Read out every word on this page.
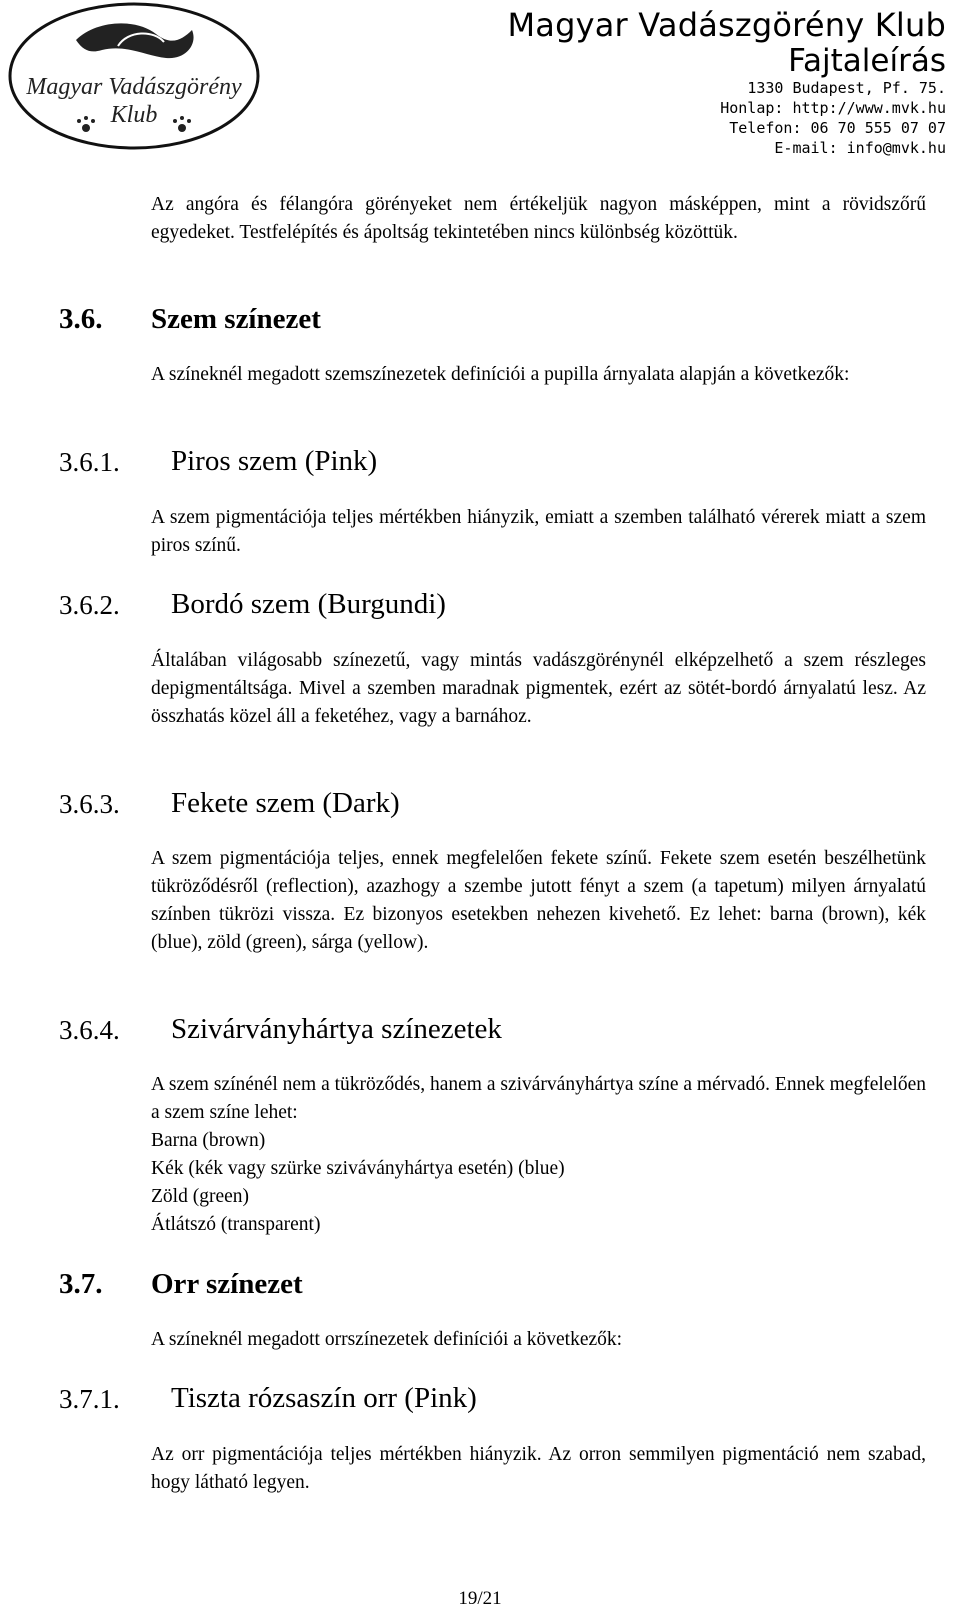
Magyar Vadászgörény
Klub
Magyar Vadászgörény Klub
Fajtaleírás
1330 Budapest, Pf. 75.
Honlap: http://www.mvk.hu
Telefon: 06 70 555 07 07
E-mail: info@mvk.hu
Az angóra és félangóra görényeket nem értékeljük nagyon másképpen, mint a rövidszőrű egyedeket. Testfelépítés és ápoltság tekintetében nincs különbség közöttük.
3.6. Szem színezet
A színeknél megadott szemszínezetek definíciói a pupilla árnyalata alapján a következők:
3.6.1. Piros szem (Pink)
A szem pigmentációja teljes mértékben hiányzik, emiatt a szemben található vérerek miatt a szem piros színű.
3.6.2. Bordó szem (Burgundi)
Általában világosabb színezetű, vagy mintás vadászgörénynél elképzelhető a szem részleges depigmentáltsága. Mivel a szemben maradnak pigmentek, ezért az sötét-bordó árnyalatú lesz. Az összhatás közel áll a feketéhez, vagy a barnához.
3.6.3. Fekete szem (Dark)
A szem pigmentációja teljes, ennek megfelelően fekete színű. Fekete szem esetén beszélhetünk tükröződésről (reflection), azazhogy a szembe jutott fényt a szem (a tapetum) milyen árnyalatú színben tükrözi vissza. Ez bizonyos esetekben nehezen kivehető. Ez lehet: barna (brown), kék (blue), zöld (green), sárga (yellow).
3.6.4. Szivárványhártya színezetek
A szem színénél nem a tükröződés, hanem a szivárványhártya színe a mérvadó. Ennek megfelelően a szem színe lehet:
Barna (brown)
Kék (kék vagy szürke sziváványhártya esetén) (blue)
Zöld (green)
Átlátszó (transparent)
3.7. Orr színezet
A színeknél megadott orrszínezetek definíciói a következők:
3.7.1. Tiszta rózsaszín orr (Pink)
Az orr pigmentációja teljes mértékben hiányzik. Az orron semmilyen pigmentáció nem szabad, hogy látható legyen.
19/21
